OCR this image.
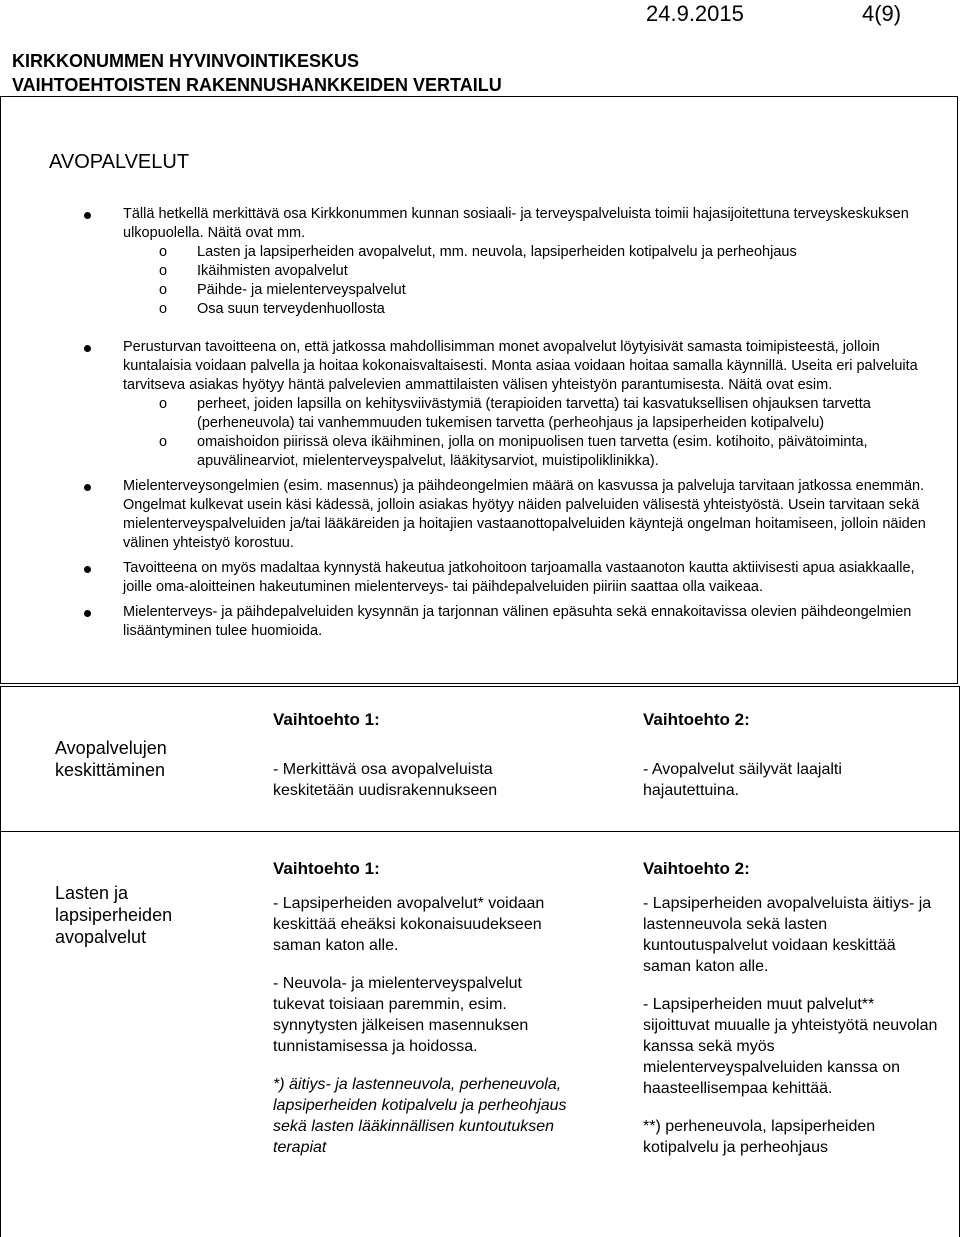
24.9.2015	4(9)
KIRKKONUMMEN HYVINVOINTIKESKUS
VAIHTOEHTOISTEN RAKENNUSHANKKEIDEN VERTAILU
AVOPALVELUT
Tällä hetkellä merkittävä osa Kirkkonummen kunnan sosiaali- ja terveyspalveluista toimii hajasijoitettuna terveyskeskuksen ulkopuolella. Näitä ovat mm.
o Lasten ja lapsiperheiden avopalvelut, mm. neuvola, lapsiperheiden kotipalvelu ja perheohjaus
o Ikäihmisten avopalvelut
o Päihde- ja mielenterveyspalvelut
o Osa suun terveydenhuollosta
Perusturvan tavoitteena on, että jatkossa mahdollisimman monet avopalvelut löytyisivät samasta toimipisteestä, jolloin kuntalaisia voidaan palvella ja hoitaa kokonaisvaltaisesti. Monta asiaa voidaan hoitaa samalla käynnillä. Useita eri palveluita tarvitseva asiakas hyötyy häntä palvelevien ammattilaisten välisen yhteistyön parantumisesta. Näitä ovat esim.
o perheet, joiden lapsilla on kehitysviivästymiä (terapioiden tarvetta) tai kasvatuksellisen ohjauksen tarvetta (perheneuvola) tai vanhemmuuden tukemisen tarvetta (perheohjaus ja lapsiperheiden kotipalvelu)
o omaishoidon piirissä oleva ikäihminen, jolla on monipuolisen tuen tarvetta (esim. kotihoito, päivätoiminta, apuvälinearviot, mielenterveyspalvelut, lääkitysarviot, muistipoliklinikka).
Mielenterveysongelmien (esim. masennus) ja päihdeongelmien määrä on kasvussa ja palveluja tarvitaan jatkossa enemmän. Ongelmat kulkevat usein käsi kädessä, jolloin asiakas hyötyy näiden palveluiden välisestä yhteistyöstä. Usein tarvitaan sekä mielenterveyspalveluiden ja/tai lääkäreiden ja hoitajien vastaanottopalveluiden käyntejä ongelman hoitamiseen, jolloin näiden välinen yhteistyö korostuu.
Tavoitteena on myös madaltaa kynnystä hakeutua jatkohoitoon tarjoamalla vastaanoton kautta aktiivisesti apua asiakkaalle, joille oma-aloitteinen hakeutuminen mielenterveys- tai päihdepalveluiden piiriin saattaa olla vaikeaa.
Mielenterveys- ja päihdepalveluiden kysynnän ja tarjonnan välinen epäsuhta sekä ennakoitavissa olevien päihdeongelmien lisääntyminen tulee huomioida.
Avopalvelujen keskittäminen
Vaihtoehto 1:
- Merkittävä osa avopalveluista keskitetään uudisrakennukseen
Vaihtoehto 2:
- Avopalvelut säilyvät laajalti hajautettuina.
Lasten ja lapsiperheiden avopalvelut
Vaihtoehto 1:

- Lapsiperheiden avopalvelut* voidaan keskittää eheäksi kokonaisuudekseen saman katon alle.

- Neuvola- ja mielenterveyspalvelut tukevat toisiaan paremmin, esim. synnytysten jälkeisen masennuksen tunnistamisessa ja hoidossa.

*) äitiys- ja lastenneuvola, perheneuvola, lapsiperheiden kotipalvelu ja perheohjaus sekä lasten lääkinnällisen kuntoutuksen terapiat

Vaihtoehto 2:

- Lapsiperheiden avopalveluista äitiys- ja lastenneuvola sekä lasten kuntoutuspalvelut voidaan keskittää saman katon alle.

- Lapsiperheiden muut palvelut** sijoittuvat muualle ja yhteistyötä neuvolan kanssa sekä myös mielenterveyspalveluiden kanssa on haasteellisempaa kehittää.

**) perheneuvola, lapsiperheiden kotipalvelu ja perheohjaus
